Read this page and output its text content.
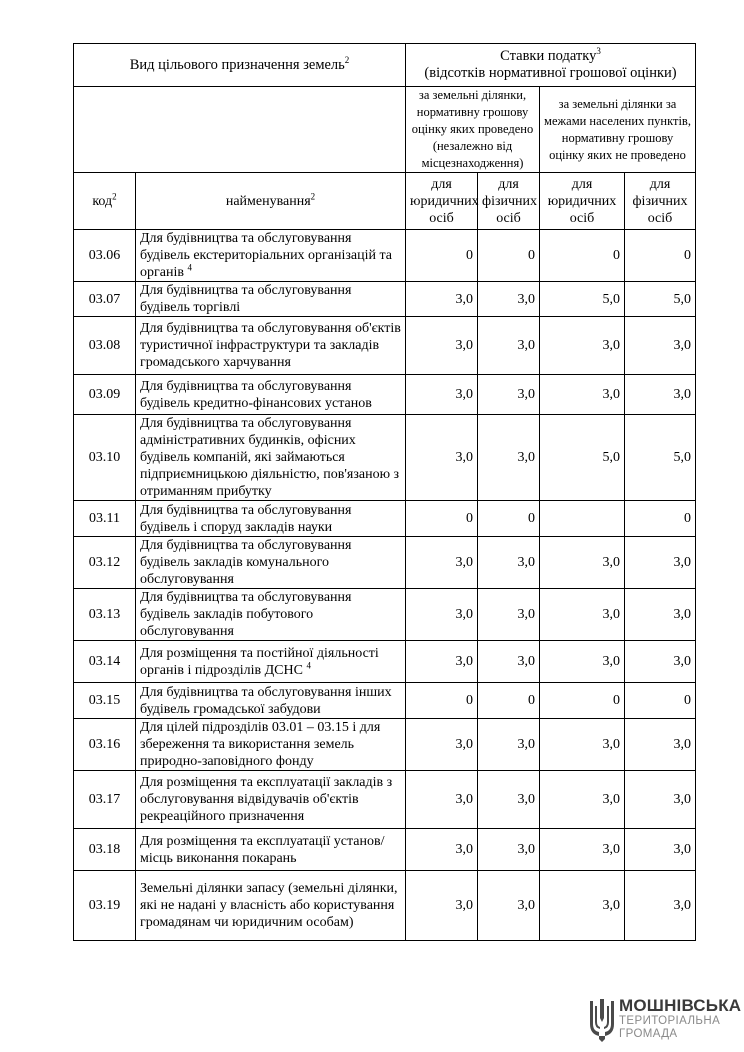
Вид цільового призначення земель$^2$		Ставки податку$^3$
(відсотків нормативної грошової оцінки)			
		за земельні ділянки, нормативну грошову оцінку яких проведено (незалежно від місцезнаходження)		за земельні ділянки за межами населених пунктів, нормативну грошову оцінку яких не проведено	
код$^2$	найменування$^2$	для юридичних осіб	для фізичних осіб	для юридичних осіб	для фізичних осіб
03.06	Для будівництва та обслуговування будівель екстериторіальних організацій та органів $^4$	0	0	0	0
03.07	Для будівництва та обслуговування будівель торгівлі	3,0	3,0	5,0	5,0
03.08	Для будівництва та обслуговування об'єктів туристичної інфраструктури та закладів громадського харчування	3,0	3,0	3,0	3,0
03.09	Для будівництва та обслуговування будівель кредитно-фінансових установ	3,0	3,0	3,0	3,0
03.10	Для будівництва та обслуговування адміністративних будинків, офісних будівель компаній, які займаються підприємницькою діяльністю, пов'язаною з отриманням прибутку	3,0	3,0	5,0	5,0
03.11	Для будівництва та обслуговування будівель і споруд закладів науки	0	0		0
03.12	Для будівництва та обслуговування будівель закладів комунального обслуговування	3,0	3,0	3,0	3,0
03.13	Для будівництва та обслуговування будівель закладів побутового обслуговування	3,0	3,0	3,0	3,0
03.14	Для розміщення та постійної діяльності органів і підрозділів ДСНС $^4$	3,0	3,0	3,0	3,0
03.15	Для будівництва та обслуговування інших будівель громадської забудови	0	0	0	0
03.16	Для цілей підрозділів 03.01 – 03.15 і для збереження та використання земель природно-заповідного фонду	3,0	3,0	3,0	3,0
03.17	Для розміщення та експлуатації закладів з обслуговування відвідувачів об'єктів рекреаційного призначення	3,0	3,0	3,0	3,0
03.18	Для розміщення та експлуатації установ/місць виконання покарань	3,0	3,0	3,0	3,0
03.19	Земельні ділянки запасу (земельні ділянки, які не надані у власність або користування громадянам чи юридичним особам)	3,0	3,0	3,0	3,0
МОШНІВСЬКА
ТЕРИТОРІАЛЬНА
ГРОМАДА
